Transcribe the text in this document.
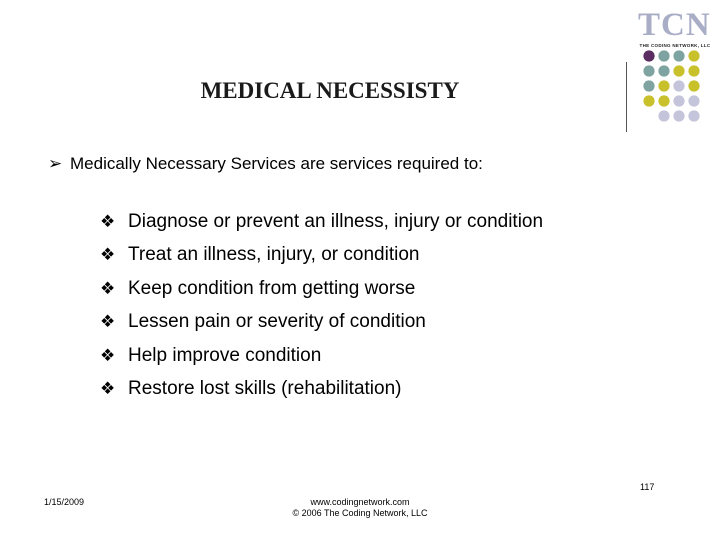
TCN
THE CODING NETWORK, LLC
MEDICAL NECESSISTY
➢ Medically Necessary Services are services required to:
❖ Diagnose or prevent an illness, injury or condition
❖ Treat an illness, injury, or condition
❖ Keep condition from getting worse
❖ Lessen pain or severity of condition
❖ Help improve condition
❖ Restore lost skills (rehabilitation)
117
1/15/2009	www.codingnetwork.com
© 2006 The Coding Network, LLC
